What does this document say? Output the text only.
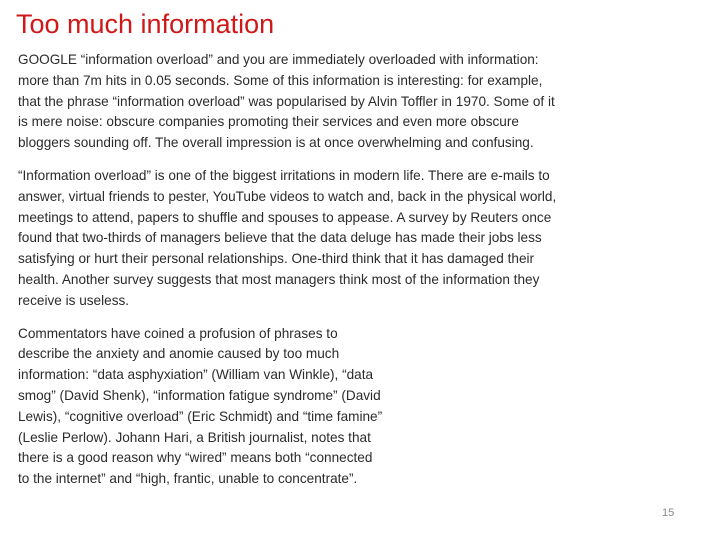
Too much information
GOOGLE “information overload” and you are immediately overloaded with information:
more than 7m hits in 0.05 seconds. Some of this information is interesting: for example,
that the phrase “information overload” was popularised by Alvin Toffler in 1970. Some of it
is mere noise: obscure companies promoting their services and even more obscure
bloggers sounding off. The overall impression is at once overwhelming and confusing.
“Information overload” is one of the biggest irritations in modern life. There are e-mails to
answer, virtual friends to pester, YouTube videos to watch and, back in the physical world,
meetings to attend, papers to shuffle and spouses to appease. A survey by Reuters once
found that two-thirds of managers believe that the data deluge has made their jobs less
satisfying or hurt their personal relationships. One-third think that it has damaged their
health. Another survey suggests that most managers think most of the information they
receive is useless.
Commentators have coined a profusion of phrases to
describe the anxiety and anomie caused by too much
information: “data asphyxiation” (William van Winkle), “data
smog” (David Shenk), “information fatigue syndrome” (David
Lewis), “cognitive overload” (Eric Schmidt) and “time famine”
(Leslie Perlow). Johann Hari, a British journalist, notes that
there is a good reason why “wired” means both “connected
to the internet” and “high, frantic, unable to concentrate”.
15
